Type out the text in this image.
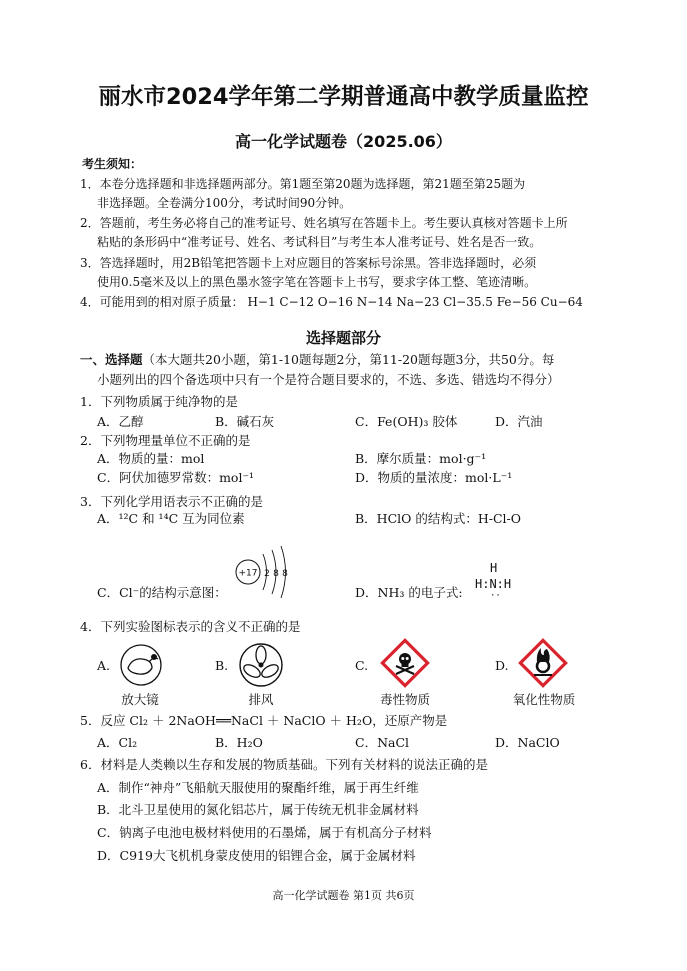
丽水市2024学年第二学期普通高中教学质量监控
高一化学试题卷（2025.06）
考生须知：
1．本卷分选择题和非选择题两部分。第1题至第20题为选择题，第21题至第25题为
非选择题。全卷满分100分，考试时间90分钟。
2．答题前，考生务必将自己的准考证号、姓名填写在答题卡上。考生要认真核对答题卡上所
粘贴的条形码中“准考证号、姓名、考试科目”与考生本人准考证号、姓名是否一致。
3．答选择题时，用2B铅笔把答题卡上对应题目的答案标号涂黑。答非选择题时，必须
使用0.5毫米及以上的黑色墨水签字笔在答题卡上书写，要求字体工整、笔迹清晰。
4．可能用到的相对原子质量： H−1 C−12 O−16 N−14 Na−23 Cl−35.5 Fe−56 Cu−64
选择题部分
一、选择题（本大题共20小题，第1-10题每题2分，第11-20题每题3分，共50分。每
小题列出的四个备选项中只有一个是符合题目要求的，不选、多选、错选均不得分）
1．下列物质属于纯净物的是
A．乙醇	B．碱石灰	C．Fe(OH)₃ 胶体	D．汽油
2．下列物理量单位不正确的是
A．物质的量：mol	B．摩尔质量：mol·g⁻¹
C．阿伏加德罗常数：mol⁻¹	D．物质的量浓度：mol·L⁻¹
3．下列化学用语表示不正确的是
A．¹²C 和 ¹⁴C 互为同位素	B．HClO 的结构式：H-Cl-O
+17 2 8 8
C．Cl⁻的结构示意图：	D．NH₃ 的电子式:
H
H:N:H
··
4．下列实验图标表示的含义不正确的是
A.	B.	C.	D.
放大镜	排风	毒性物质	氧化性物质
5．反应 Cl₂ ＋ 2NaOH══NaCl ＋ NaClO ＋ H₂O，还原产物是
A．Cl₂	B．H₂O	C．NaCl	D．NaClO
6．材料是人类赖以生存和发展的物质基础。下列有关材料的说法正确的是
A．制作“神舟”飞船航天服使用的聚酯纤维，属于再生纤维
B．北斗卫星使用的氮化铝芯片，属于传统无机非金属材料
C．钠离子电池电极材料使用的石墨烯，属于有机高分子材料
D．C919大飞机机身蒙皮使用的铝锂合金，属于金属材料
高一化学试题卷 第1页 共6页
